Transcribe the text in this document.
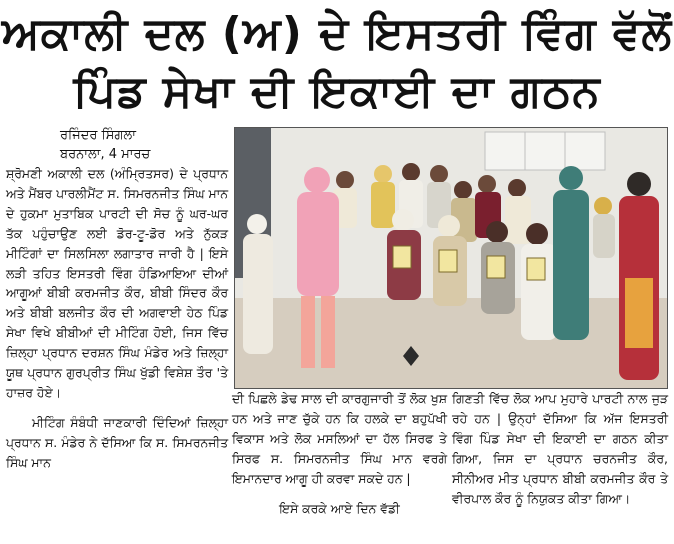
ਅਕਾਲੀ ਦਲ (ਅ) ਦੇ ਇਸਤਰੀ ਵਿੰਗ ਵੱਲੋਂ
ਪਿੰਡ ਸੇਖਾ ਦੀ ਇਕਾਈ ਦਾ ਗਠਨ
ਰਜਿੰਦਰ ਸਿੰਗਲਾ
ਬਰਨਾਲਾ, 4 ਮਾਰਚ

ਸ਼੍ਰੋਮਣੀ ਅਕਾਲੀ ਦਲ (ਅੰਮ੍ਰਿਤਸਰ) ਦੇ ਪ੍ਰਧਾਨ ਅਤੇ ਮੈਂਬਰ ਪਾਰਲੀਮੈਂਟ ਸ. ਸਿਮਰਨਜੀਤ ਸਿੰਘ ਮਾਨ ਦੇ ਹੁਕਮਾ ਮੁਤਾਬਿਕ ਪਾਰਟੀ ਦੀ ਸੋਚ ਨੂੰ ਘਰ-ਘਰ ਤੱਕ ਪਹੁੰਚਾਉਣ ਲਈ ਡੋਰ-ਟੂ-ਡੋਰ ਅਤੇ ਨੁੱਕੜ ਮੀਟਿੰਗਾਂ ਦਾ ਸਿਲਸਿਲਾ ਲਗਾਤਾਰ ਜਾਰੀ ਹੈ | ਇਸੇ ਲੜੀ ਤਹਿਤ ਇਸਤਰੀ ਵਿੰਗ ਹੰਡਿਆਇਆ ਦੀਆਂ ਆਗੂਆਂ ਬੀਬੀ ਕਰਮਜੀਤ ਕੌਰ, ਬੀਬੀ ਸਿੰਦਰ ਕੌਰ ਅਤੇ ਬੀਬੀ ਬਲਜੀਤ ਕੌਰ ਦੀ ਅਗਵਾਈ ਹੇਠ ਪਿੰਡ ਸੇਖਾ ਵਿਖੇ ਬੀਬੀਆਂ ਦੀ ਮੀਟਿੰਗ ਹੋਈ, ਜਿਸ ਵਿੱਚ ਜ਼ਿਲ੍ਹਾ ਪ੍ਰਧਾਨ ਦਰਸ਼ਨ ਸਿੰਘ ਮੰਡੇਰ ਅਤੇ ਜ਼ਿਲ੍ਹਾ ਯੂਥ ਪ੍ਰਧਾਨ ਗੁਰਪ੍ਰੀਤ ਸਿੰਘ ਖੁੱਡੀ ਵਿਸ਼ੇਸ਼ ਤੌਰ 'ਤੇ ਹਾਜ਼ਰ ਹੋਏ।

ਮੀਟਿੰਗ ਸੰਬੰਧੀ ਜਾਣਕਾਰੀ ਦਿੰਦਿਆਂ ਜ਼ਿਲ੍ਹਾ ਪ੍ਰਧਾਨ ਸ. ਮੰਡੇਰ ਨੇ ਦੱਸਿਆ ਕਿ ਸ. ਸਿਮਰਨਜੀਤ ਸਿੰਘ ਮਾਨ

ਦੀ ਪਿਛਲੇ ਡੇਢ ਸਾਲ ਦੀ ਕਾਰਗੁਜਾਰੀ ਤੋਂ ਲੋਕ ਖੁਸ਼ ਹਨ ਅਤੇ ਜਾਣ ਚੁੱਕੇ ਹਨ ਕਿ ਹਲਕੇ ਦਾ ਬਹੁਪੱਖੀ ਵਿਕਾਸ ਅਤੇ ਲੋਕ ਮਸਲਿਆਂ ਦਾ ਹੱਲ ਸਿਰਫ ਤੇ ਸਿਰਫ ਸ. ਸਿਮਰਨਜੀਤ ਸਿੰਘ ਮਾਨ ਵਰਗੇ ਇਮਾਨਦਾਰ ਆਗੂ ਹੀ ਕਰਵਾ ਸਕਦੇ ਹਨ |

ਇਸੇ ਕਰਕੇ ਆਏ ਦਿਨ ਵੱਡੀ

ਗਿਣਤੀ ਵਿੱਚ ਲੋਕ ਆਪ ਮੁਹਾਰੇ ਪਾਰਟੀ ਨਾਲ ਜੁੜ ਰਹੇ ਹਨ | ਉਨ੍ਹਾਂ ਦੱਸਿਆ ਕਿ ਅੱਜ ਇਸਤਰੀ ਵਿੰਗ ਪਿੰਡ ਸੇਖਾ ਦੀ ਇਕਾਈ ਦਾ ਗਠਨ ਕੀਤਾ ਗਿਆ, ਜਿਸ ਦਾ ਪ੍ਰਧਾਨ ਚਰਨਜੀਤ ਕੌਰ, ਸੀਨੀਅਰ ਮੀਤ ਪ੍ਰਧਾਨ ਬੀਬੀ ਕਰਮਜੀਤ ਕੌਰ ਤੇ ਵੀਰਪਾਲ ਕੌਰ ਨੂੰ ਨਿਯੁਕਤ ਕੀਤਾ ਗਿਆ।
